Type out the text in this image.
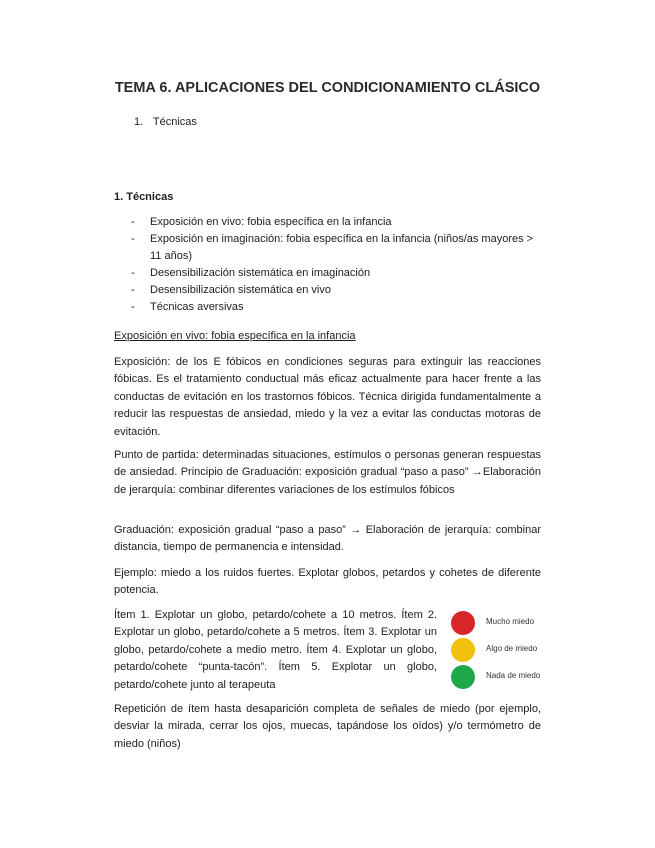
TEMA 6. APLICACIONES DEL CONDICIONAMIENTO CLÁSICO
1. Técnicas
1. Técnicas
- Exposición en vivo: fobia específica en la infancia
- Exposición en imaginación: fobia específica en la infancia (niños/as mayores > 11 años)
- Desensibilización sistemática en imaginación
- Desensibilización sistemática en vivo
- Técnicas aversivas
Exposición en vivo: fobia específica en la infancia

Exposición: de los E fóbicos en condiciones seguras para extinguir las reacciones fóbicas. Es el tratamiento conductual más eficaz actualmente para hacer frente a las conductas de evitación en los trastornos fóbicos. Técnica dirigida fundamentalmente a reducir las respuestas de ansiedad, miedo y la vez a evitar las conductas motoras de evitación.

Punto de partida: determinadas situaciones, estímulos o personas generan respuestas de ansiedad. Principio de Graduación: exposición gradual “paso a paso” →Elaboración de jerarquía: combinar diferentes variaciones de los estímulos fóbicos

Graduación: exposición gradual “paso a paso” → Elaboración de jerarquía: combinar distancia, tiempo de permanencia e intensidad.

Ejemplo: miedo a los ruidos fuertes. Explotar globos, petardos y cohetes de diferente potencia.

Ítem 1. Explotar un globo, petardo/cohete a 10 metros. Ítem 2. Explotar un globo, petardo/cohete a 5 metros. Ítem 3. Explotar un globo, petardo/cohete a medio metro. Ítem 4. Explotar un globo, petardo/cohete “punta-tacón”. Ítem 5. Explotar un globo, petardo/cohete junto al terapeuta

Repetición de ítem hasta desaparición completa de señales de miedo (por ejemplo, desviar la mirada, cerrar los ojos, muecas, tapándose los oídos) y/o termómetro de miedo (niños)

Mucho miedo
Algo de miedo
Nada de miedo
